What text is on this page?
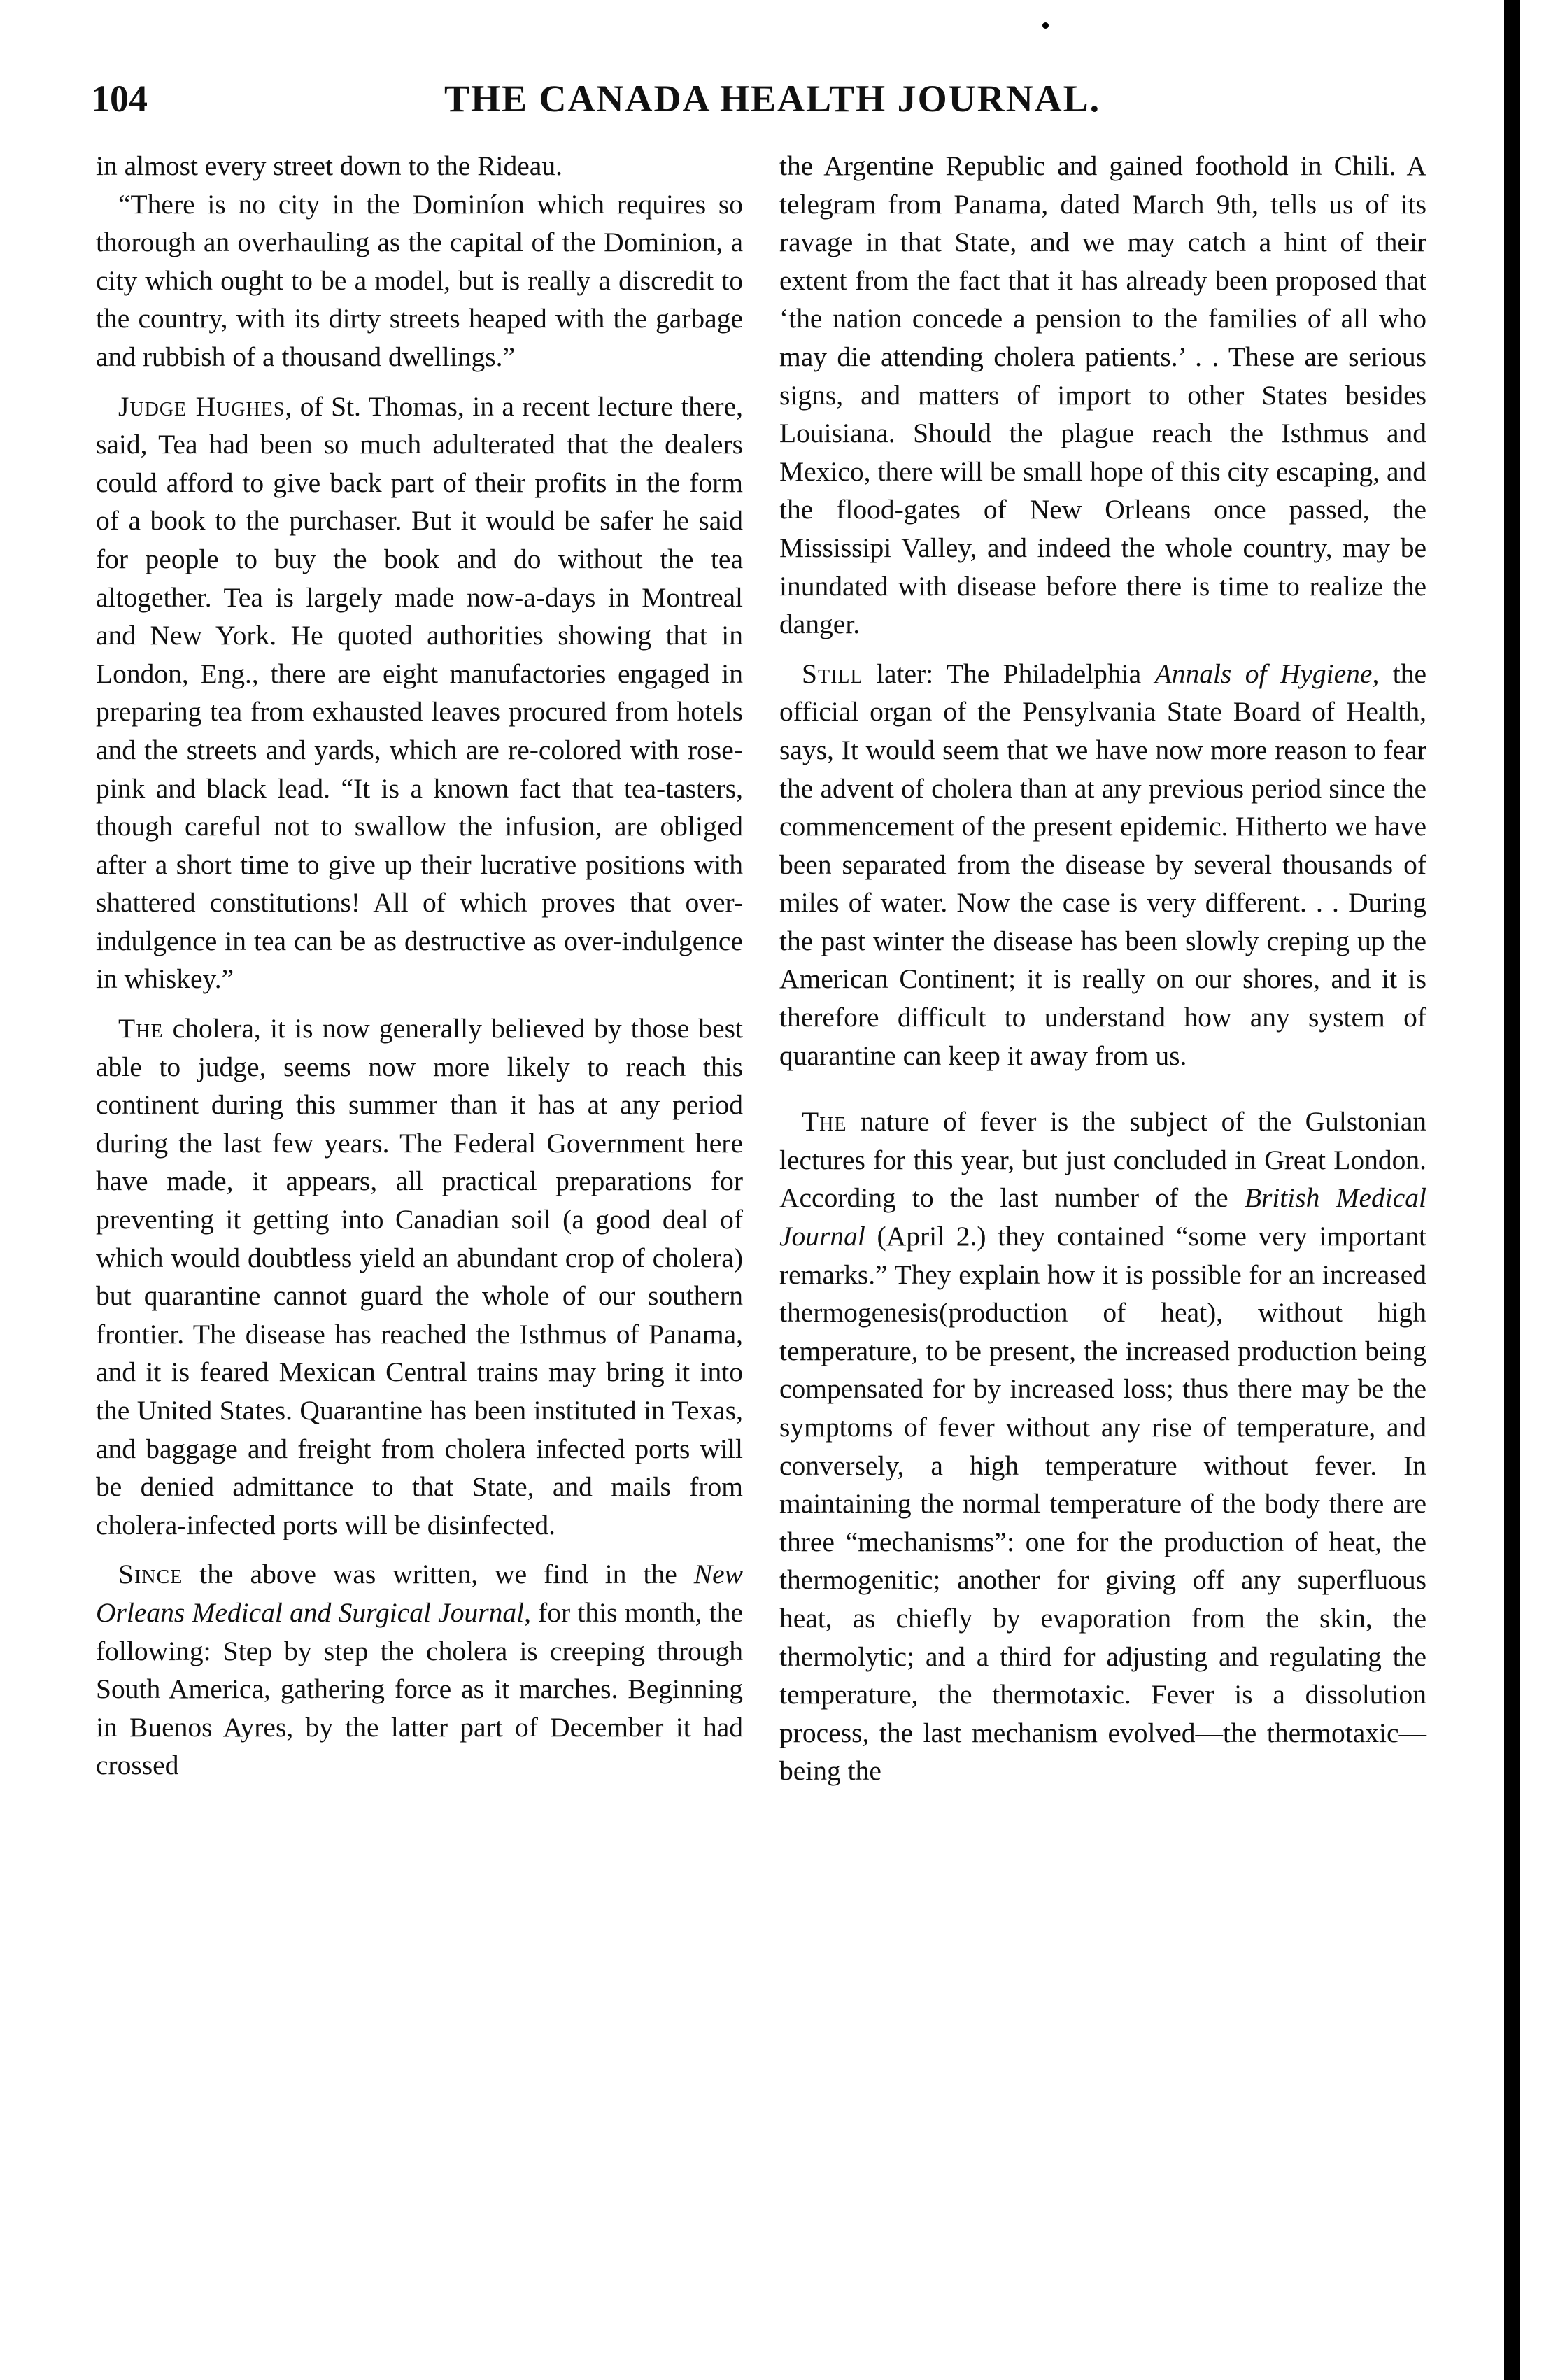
104	THE CANADA HEALTH JOURNAL.

in almost every street down to the Rideau.

“There is no city in the Dominíon which requires so thorough an overhauling as the capital of the Dominion, a city which ought to be a model, but is really a discredit to the country, with its dirty streets heaped with the garbage and rubbish of a thousand dwellings.”

Judge Hughes, of St. Thomas, in a recent lecture there, said, Tea had been so much adulterated that the dealers could afford to give back part of their profits in the form of a book to the purchaser. But it would be safer he said for people to buy the book and do without the tea altogether. Tea is largely made now-a-days in Montreal and New York. He quoted authorities showing that in London, Eng., there are eight manufactories engaged in preparing tea from exhausted leaves procured from hotels and the streets and yards, which are re-colored with rose-pink and black lead. “It is a known fact that tea-tasters, though careful not to swallow the infusion, are obliged after a short time to give up their lucrative positions with shattered constitutions! All of which proves that over-indulgence in tea can be as destructive as over-indulgence in whiskey.”

The cholera, it is now generally believed by those best able to judge, seems now more likely to reach this continent during this summer than it has at any period during the last few years. The Federal Government here have made, it appears, all practical preparations for preventing it getting into Canadian soil (a good deal of which would doubtless yield an abundant crop of cholera) but quarantine cannot guard the whole of our southern frontier. The disease has reached the Isthmus of Panama, and it is feared Mexican Central trains may bring it into the United States. Quarantine has been instituted in Texas, and baggage and freight from cholera infected ports will be denied admittance to that State, and mails from cholera-infected ports will be disinfected.

Since the above was written, we find in the New Orleans Medical and Surgical Journal, for this month, the following: Step by step the cholera is creeping through South America, gathering force as it marches. Beginning in Buenos Ayres, by the latter part of December it had crossed

the Argentine Republic and gained foothold in Chili. A telegram from Panama, dated March 9th, tells us of its ravage in that State, and we may catch a hint of their extent from the fact that it has already been proposed that ‘the nation concede a pension to the families of all who may die attending cholera patients.’ . . These are serious signs, and matters of import to other States besides Louisiana. Should the plague reach the Isthmus and Mexico, there will be small hope of this city escaping, and the flood-gates of New Orleans once passed, the Mississipi Valley, and indeed the whole country, may be inundated with disease before there is time to realize the danger.

Still later: The Philadelphia Annals of Hygiene, the official organ of the Pensylvania State Board of Health, says, It would seem that we have now more reason to fear the advent of cholera than at any previous period since the commencement of the present epidemic. Hitherto we have been separated from the disease by several thousands of miles of water. Now the case is very different. . . During the past winter the disease has been slowly creping up the American Continent; it is really on our shores, and it is therefore difficult to understand how any system of quarantine can keep it away from us.

The nature of fever is the subject of the Gulstonian lectures for this year, but just concluded in Great London. According to the last number of the British Medical Journal (April 2.) they contained “some very important remarks.” They explain how it is possible for an increased thermogenesis(production of heat), without high temperature, to be present, the increased production being compensated for by increased loss; thus there may be the symptoms of fever without any rise of temperature, and conversely, a high temperature without fever. In maintaining the normal temperature of the body there are three “mechanisms”: one for the production of heat, the thermogenitic; another for giving off any superfluous heat, as chiefly by evaporation from the skin, the thermolytic; and a third for adjusting and regulating the temperature, the thermotaxic. Fever is a dissolution process, the last mechanism evolved—the thermotaxic—being the
